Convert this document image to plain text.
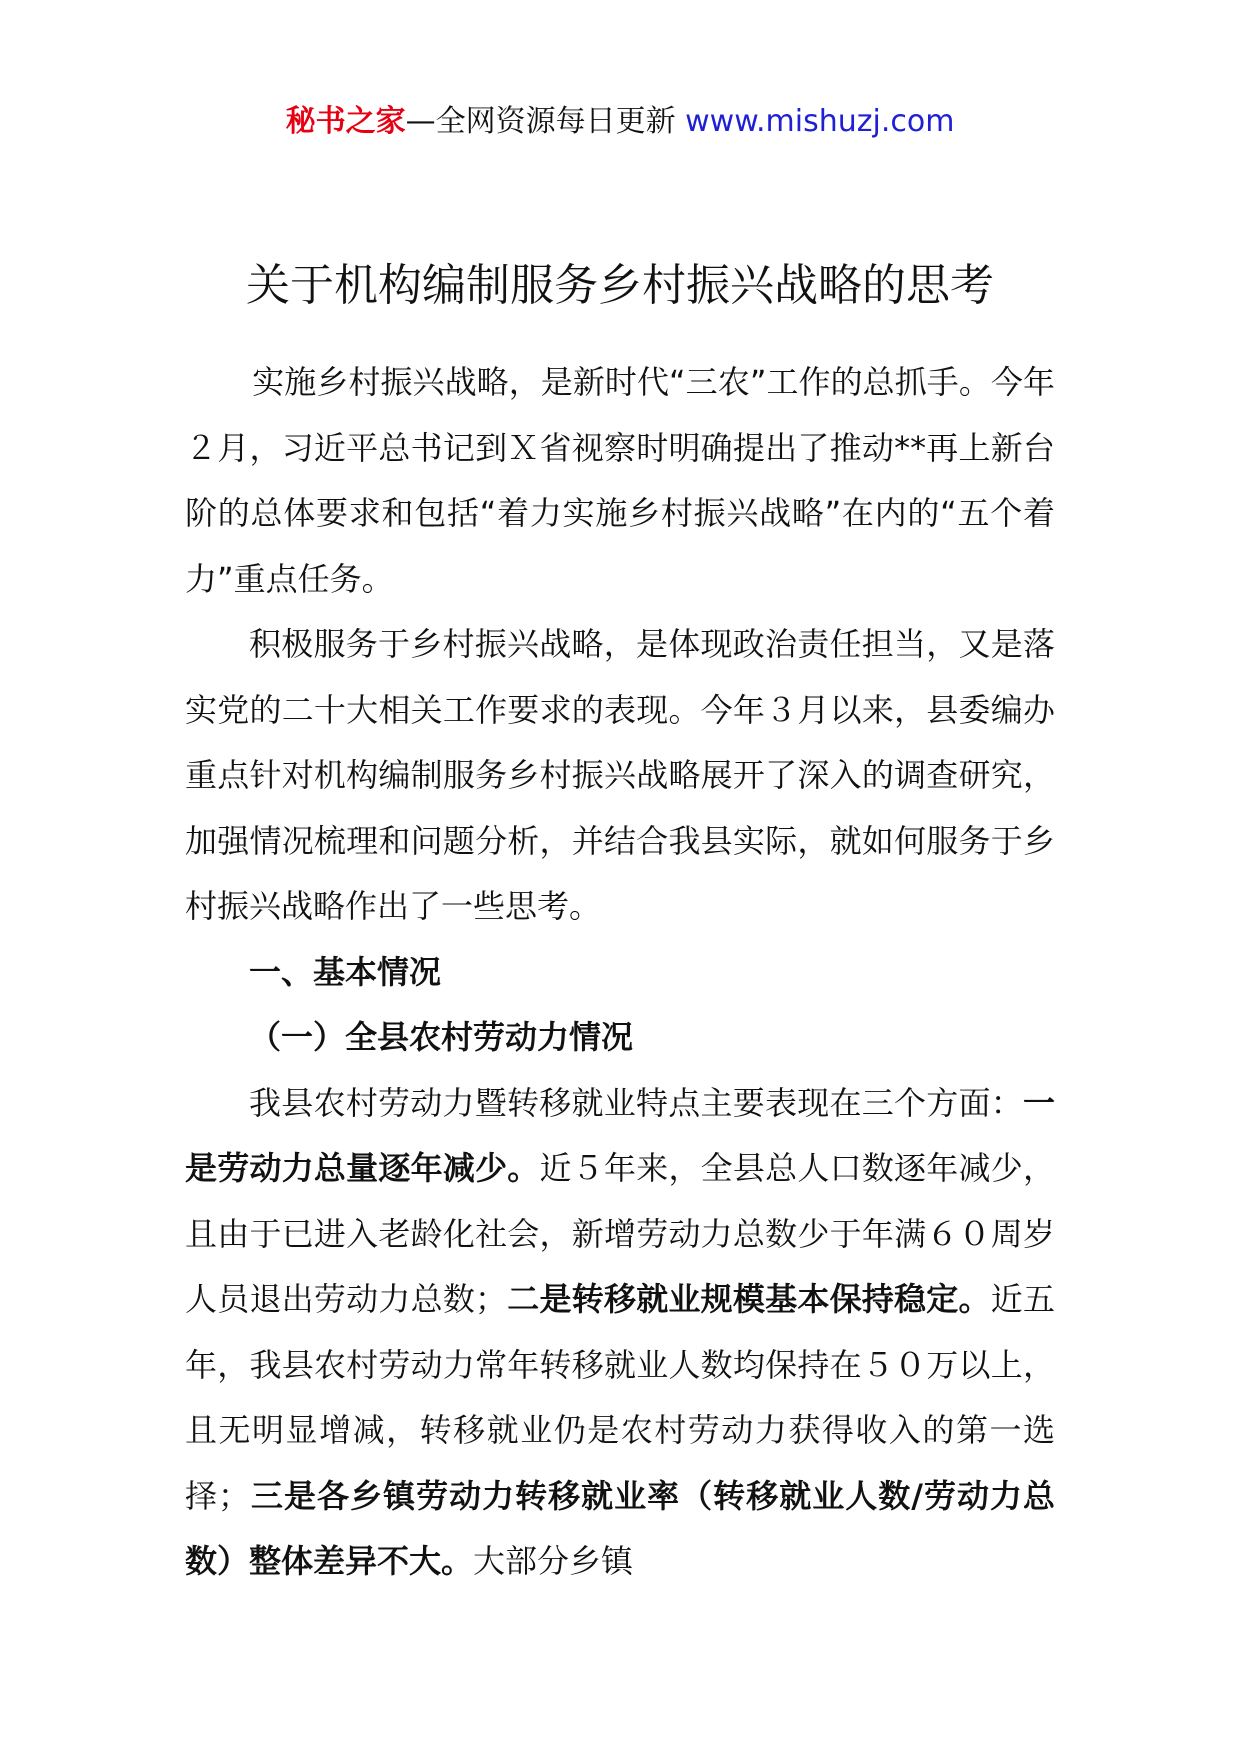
秘书之家—全网资源每日更新 www.mishuzj.com
关于机构编制服务乡村振兴战略的思考

实施乡村振兴战略，是新时代“三农”工作的总抓手。今年２月，习近平总书记到Ｘ省视察时明确提出了推动**再上新台阶的总体要求和包括“着力实施乡村振兴战略”在内的“五个着力”重点任务。

积极服务于乡村振兴战略，是体现政治责任担当，又是落实党的二十大相关工作要求的表现。今年３月以来，县委编办重点针对机构编制服务乡村振兴战略展开了深入的调查研究，加强情况梳理和问题分析，并结合我县实际，就如何服务于乡村振兴战略作出了一些思考。

一、基本情况

（一）全县农村劳动力情况

我县农村劳动力暨转移就业特点主要表现在三个方面：一是劳动力总量逐年减少。近５年来，全县总人口数逐年减少，且由于已进入老龄化社会，新增劳动力总数少于年满６０周岁人员退出劳动力总数；二是转移就业规模基本保持稳定。近五年，我县农村劳动力常年转移就业人数均保持在５０万以上，且无明显增减，转移就业仍是农村劳动力获得收入的第一选择；三是各乡镇劳动力转移就业率（转移就业人数/劳动力总数）整体差异不大。大部分乡镇
